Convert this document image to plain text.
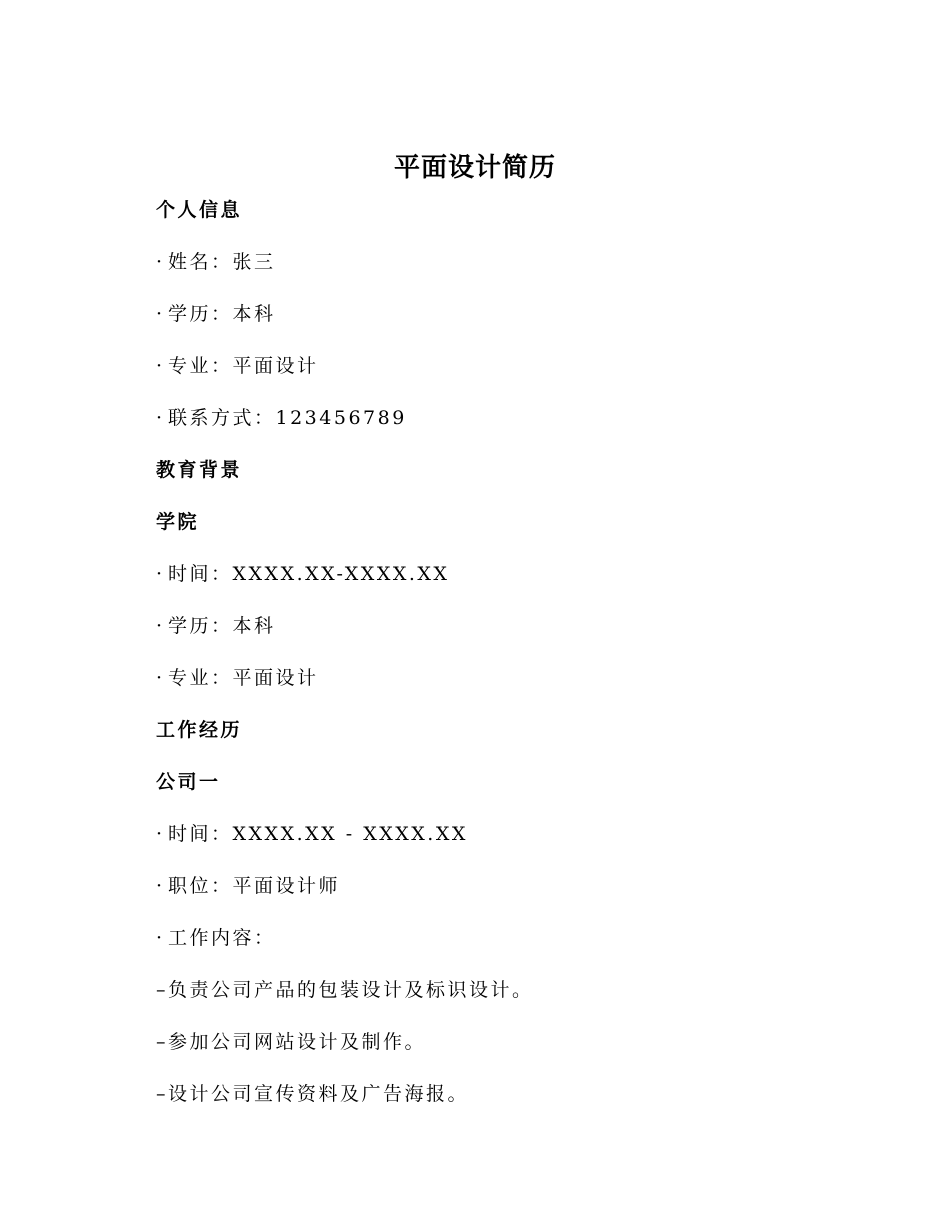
平面设计简历
个人信息
· 姓名：张三
· 学历：本科
· 专业：平面设计
· 联系方式：123456789
教育背景
学院
· 时间：XXXX.XX-XXXX.XX
· 学历：本科
· 专业：平面设计
工作经历
公司一
· 时间：XXXX.XX - XXXX.XX
· 职位：平面设计师
· 工作内容：
– 负责公司产品的包装设计及标识设计。
– 参加公司网站设计及制作。
– 设计公司宣传资料及广告海报。
